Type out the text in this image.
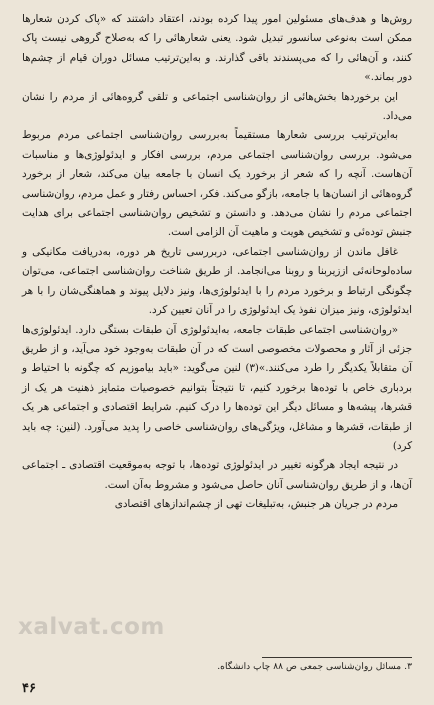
روش‌ها و هدف‌های مسئولین امور پیدا کرده بودند، اعتقاد داشتند که «پاک کردن شعارها ممکن است به‌نوعی سانسور تبدیل شود. یعنی شعارهائی را که به‌صلاح گروهی نیست پاک کنند، و آن‌هائی را که می‌پسندند باقی گذارند. و به‌این‌ترتیب مسائل دوران قیام از چشم‌ها دور بماند.»

این برخوردها بخش‌هائی از روان‌شناسی اجتماعی و تلقی گروه‌هائی از مردم را نشان می‌داد.

به‌این‌ترتیب بررسی شعارها مستقیماً به‌بررسی روان‌شناسی اجتماعی مردم مربوط می‌شود. بررسی روان‌شناسی اجتماعی مردم، بررسی افکار و ایدئولوژی‌ها و مناسبات آن‌هاست. آنچه را که شعر از برخورد یک انسان با جامعه بیان می‌کند، شعار از برخورد گروه‌هائی از انسان‌ها با جامعه، بازگو می‌کند. فکر، احساس رفتار و عمل مردم، روان‌شناسی اجتماعی مردم را نشان می‌دهد. و دانستن و تشخیص روان‌شناسی اجتماعی برای هدایت جنبش توده‌ئی و تشخیص هویت و ماهیت آن الزامی است.

غافل ماندن از روان‌شناسی اجتماعی، دربررسی تاریخ هر دوره، به‌دریافت مکانیکی و ساده‌لوحانه‌ئی اززیربنا و روبنا می‌انجامد. از طریق شناخت روان‌شناسی اجتماعی، می‌توان چگونگی ارتباط و برخورد مردم را با ایدئولوژی‌ها، ونیز دلایل پیوند و هماهنگی‌شان را با هر ایدئولوژی، ونیز میزان نفوذ یک ایدئولوژی را در آنان تعیین کرد.

«روان‌شناسی اجتماعی طبقات جامعه، به‌ایدئولوژی آن طبقات بستگی دارد. ایدئولوژی‌ها جزئی از آثار و محصولات مخصوصی است که در آن طبقات به‌وجود خود می‌آید، و از طریق آن متقابلاً یکدیگر را طرد می‌کنند.»(۳) لنین می‌گوید: «باید بیاموزیم که چگونه با احتیاط و بردباری خاص با توده‌ها برخورد کنیم، تا نتیجتاً بتوانیم خصوصیات متمایز ذهنیت هر یک از قشرها، پیشه‌ها و مسائل دیگر این توده‌ها را درک کنیم. شرایط اقتصادی و اجتماعی هر یک از طبقات، قشرها و مشاغل، ویژگی‌های روان‌شناسی خاصی را پدید می‌آورد. (لنین: چه باید کرد)

در نتیجه ایجاد هرگونه تغییر در ایدئولوژی توده‌ها، با توجه به‌موقعیت اقتصادی ـ اجتماعی آن‌ها، و از طریق روان‌شناسی آنان حاصل می‌شود و مشروط به‌آن است.

مردم در جریان هر جنبش، به‌تبلیغات تهی از چشم‌اندازهای اقتصادی

xalvat.com
۳. مسائل روان‌شناسی جمعی ص ۸۸ چاپ دانشگاه.
۴۶
